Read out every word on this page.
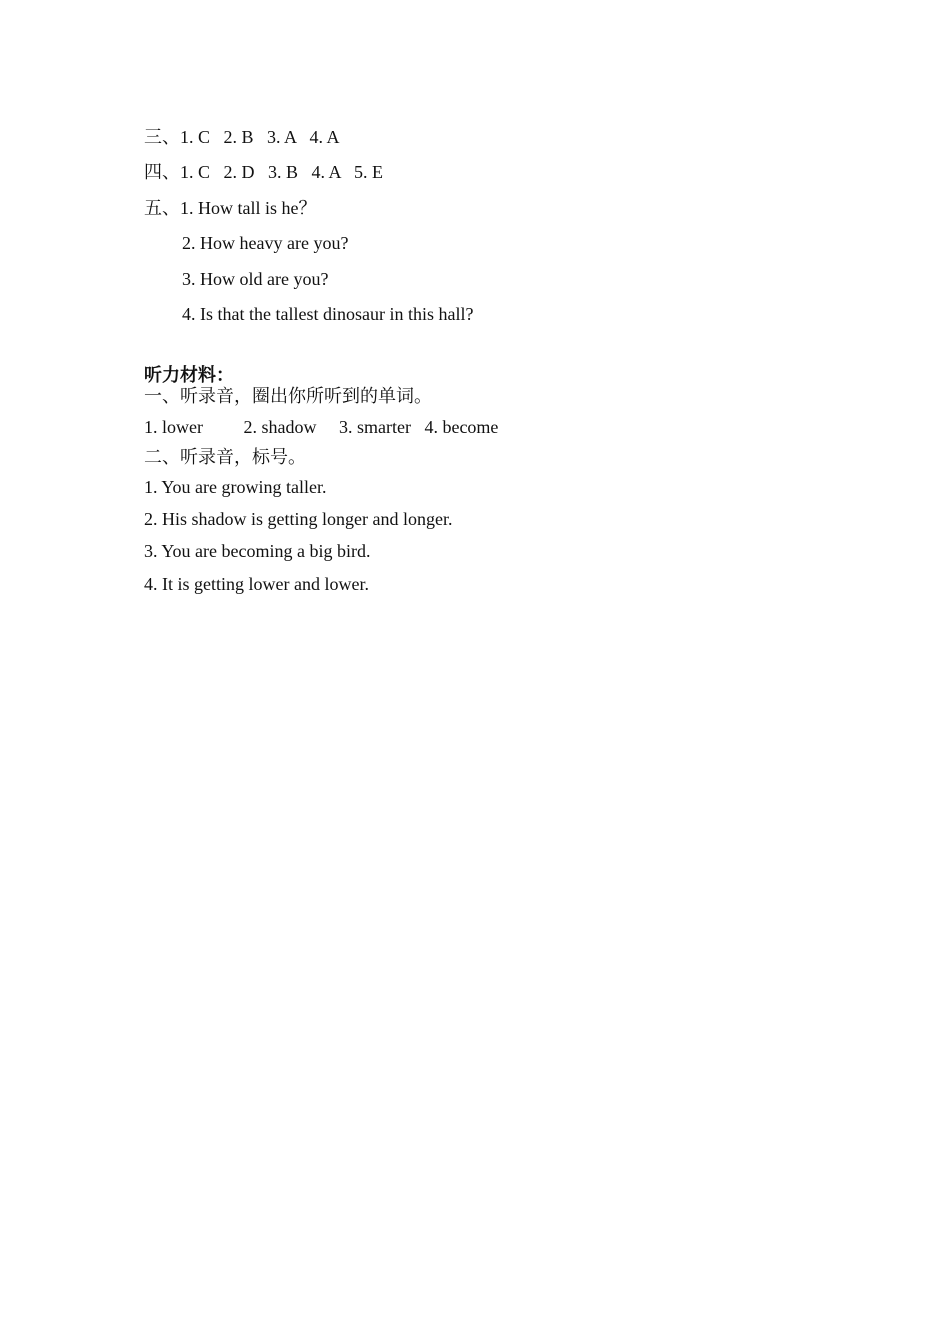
三、1. C   2. B   3. A   4. A
四、1. C   2. D   3. B   4. A   5. E
五、1. How tall is he？
2. How heavy are you?
3. How old are you?
4. Is that the tallest dinosaur in this hall?
听力材料：
一、听录音，圈出你所听到的单词。
1. lower         2. shadow     3. smarter   4. become
二、听录音，标号。
1. You are growing taller.
2. His shadow is getting longer and longer.
3. You are becoming a big bird.
4. It is getting lower and lower.
